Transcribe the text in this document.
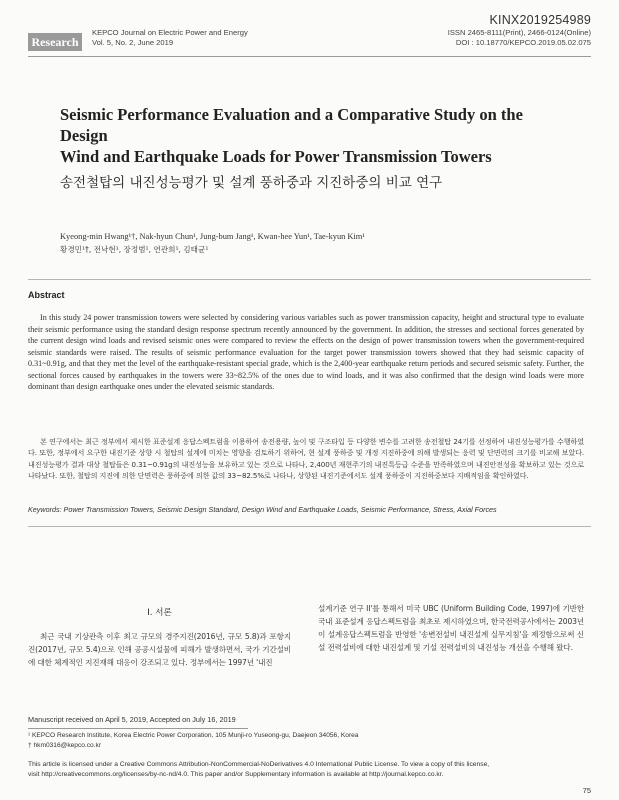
KINX2019254989
Research
KEPCO Journal on Electric Power and Energy
Vol. 5, No. 2, June 2019
ISSN 2465-8111(Print), 2466-0124(Online)
DOI : 10.18770/KEPCO.2019.05.02.075
Seismic Performance Evaluation and a Comparative Study on the Design
Wind and Earthquake Loads for Power Transmission Towers
송전철탑의 내진성능평가 및 설계 풍하중과 지진하중의 비교 연구
Kyeong-min Hwang¹†, Nak-hyun Chun¹, Jung-bum Jang¹, Kwan-hee Yun¹, Tae-kyun Kim¹
황경민¹†, 전낙현¹, 장정범¹, 연관희¹, 김태균¹
Abstract

In this study 24 power transmission towers were selected by considering various variables such as power transmission capacity, height and structural type to evaluate their seismic performance using the standard design response spectrum recently announced by the government. In addition, the stresses and sectional forces generated by the current design wind loads and revised seismic ones were compared to review the effects on the design of power transmission towers when the government-required seismic standards were raised. The results of seismic performance evaluation for the target power transmission towers showed that they had seismic capacity of 0.31~0.91g, and that they met the level of the earthquake-resistant special grade, which is the 2,400-year earthquake return periods and secured seismic safety. Further, the sectional forces caused by earthquakes in the towers were 33~82.5% of the ones due to wind loads, and it was also confirmed that the design wind loads were more dominant than design earthquake ones under the elevated seismic standards.

본 연구에서는 최근 정부에서 제시한 표준설계 응답스펙트럼을 이용하여 송전용량, 높이 및 구조타입 등 다양한 변수를 고려한 송전철탑 24기를 선정하여 내진성능평가를 수행하였다. 또한, 정부에서 요구한 내진기준 상향 시 철탑의 설계에 미치는 영향을 검토하기 위하여, 현 설계 풍하중 및 개정 지진하중에 의해 발생되는 응력 및 단면력의 크기를 비교해 보았다. 내진성능평가 결과 대상 철탑들은 0.31~0.91g의 내진성능을 보유하고 있는 것으로 나타나, 2,400년 재현주기의 내진특등급 수준을 만족하였으며 내진안전성을 확보하고 있는 것으로 나타났다. 또한, 철탑의 지진에 의한 단면력은 풍하중에 의한 값의 33~82.5%로 나타나, 상향된 내진기준에서도 설계 풍하중이 지진하중보다 지배적임을 확인하였다.

Keywords: Power Transmission Towers, Seismic Design Standard, Design Wind and Earthquake Loads, Seismic Performance, Stress, Axial Forces
I. 서론

최근 국내 기상관측 이후 최고 규모의 경주지진(2016년, 규모 5.8)과 포항지진(2017년, 규모 5.4)으로 인해 공공시설물에 피해가 발생하면서, 국가 기간설비에 대한 체계적인 지진재해 대응이 강조되고 있다. 정부에서는 1997년 '내진

설계기준 연구 II'를 통해서 미국 UBC (Uniform Building Code, 1997)에 기반한 국내 표준설계 응답스펙트럼을 최초로 제시하였으며, 한국전력공사에서는 2003년 이 설계응답스펙트럼을 반영한 '송변전설비 내진설계 실무지침'을 제정함으로써 신설 전력설비에 대한 내진설계 및 기설 전력설비의 내진성능 개선을 수행해 왔다.

Manuscript received on April 5, 2019, Accepted on July 16, 2019
¹ KEPCO Research Institute, Korea Electric Power Corporation, 105 Munji-ro Yuseong-gu, Daejeon 34056, Korea
† hkm0316@kepco.co.kr
This article is licensed under a Creative Commons Attribution-NonCommercial-NoDerivatives 4.0 International Public License. To view a copy of this license,
visit http://creativecommons.org/licenses/by-nc-nd/4.0. This paper and/or Supplementary information is available at http://journal.kepco.co.kr.
75
